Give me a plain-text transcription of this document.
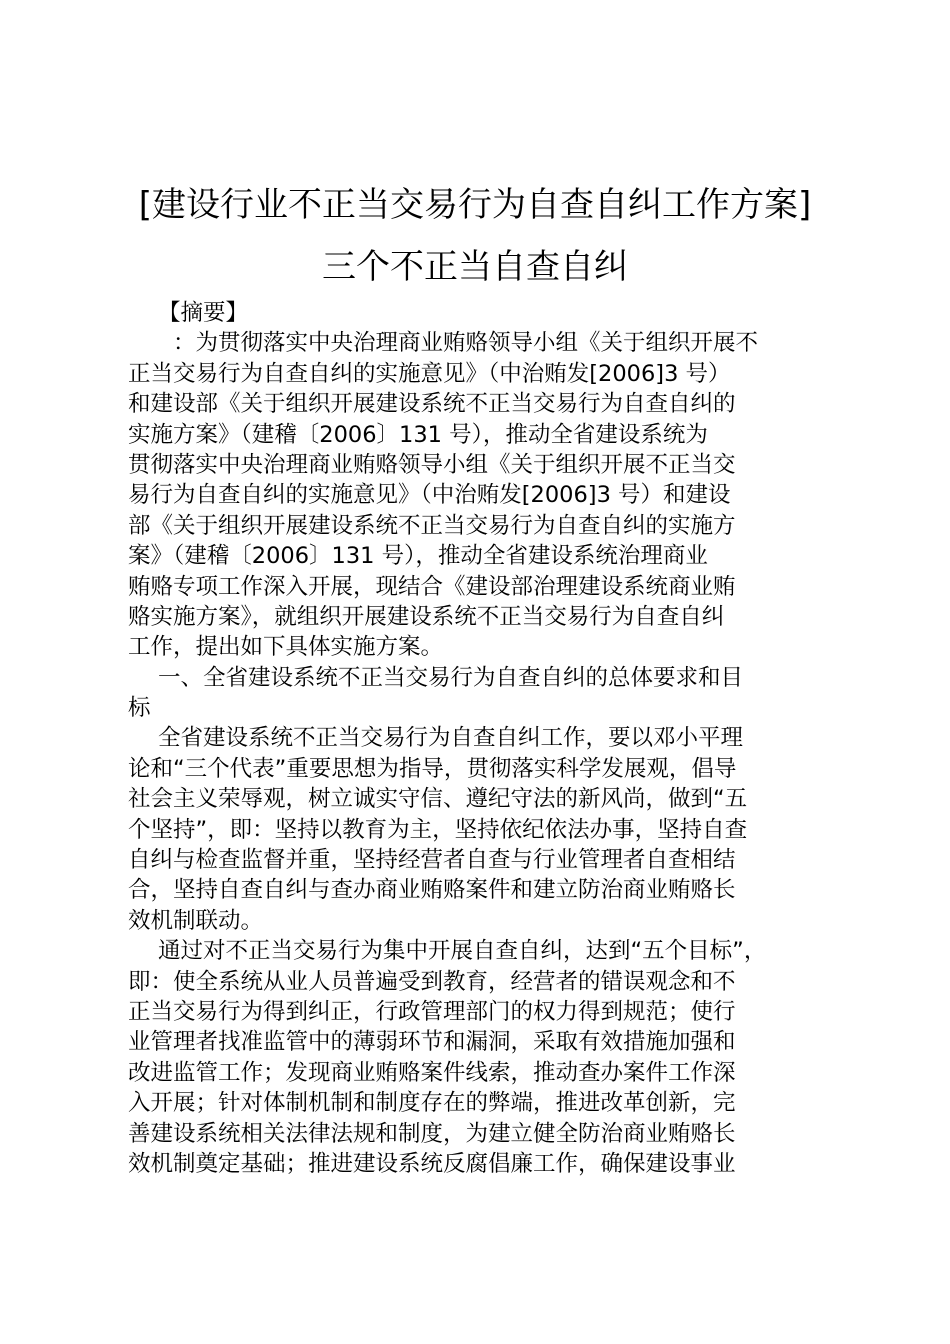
[建设行业不正当交易行为自查自纠工作方案]
三个不正当自查自纠
【摘要】
：为贯彻落实中央治理商业贿赂领导小组《关于组织开展不
正当交易行为自查自纠的实施意见》（中治贿发[2006]3 号）
和建设部《关于组织开展建设系统不正当交易行为自查自纠的
实施方案》（建稽〔2006〕131 号），推动全省建设系统为
贯彻落实中央治理商业贿赂领导小组《关于组织开展不正当交
易行为自查自纠的实施意见》（中治贿发[2006]3 号）和建设
部《关于组织开展建设系统不正当交易行为自查自纠的实施方
案》（建稽〔2006〕131 号），推动全省建设系统治理商业
贿赂专项工作深入开展，现结合《建设部治理建设系统商业贿
赂实施方案》，就组织开展建设系统不正当交易行为自查自纠
工作，提出如下具体实施方案。
一、全省建设系统不正当交易行为自查自纠的总体要求和目
标
全省建设系统不正当交易行为自查自纠工作，要以邓小平理
论和“三个代表”重要思想为指导，贯彻落实科学发展观，倡导
社会主义荣辱观，树立诚实守信、遵纪守法的新风尚，做到“五
个坚持”，即：坚持以教育为主，坚持依纪依法办事，坚持自查
自纠与检查监督并重，坚持经营者自查与行业管理者自查相结
合，坚持自查自纠与查办商业贿赂案件和建立防治商业贿赂长
效机制联动。
通过对不正当交易行为集中开展自查自纠，达到“五个目标”，
即：使全系统从业人员普遍受到教育，经营者的错误观念和不
正当交易行为得到纠正，行政管理部门的权力得到规范；使行
业管理者找准监管中的薄弱环节和漏洞，采取有效措施加强和
改进监管工作；发现商业贿赂案件线索，推动查办案件工作深
入开展；针对体制机制和制度存在的弊端，推进改革创新，完
善建设系统相关法律法规和制度，为建立健全防治商业贿赂长
效机制奠定基础；推进建设系统反腐倡廉工作，确保建设事业
